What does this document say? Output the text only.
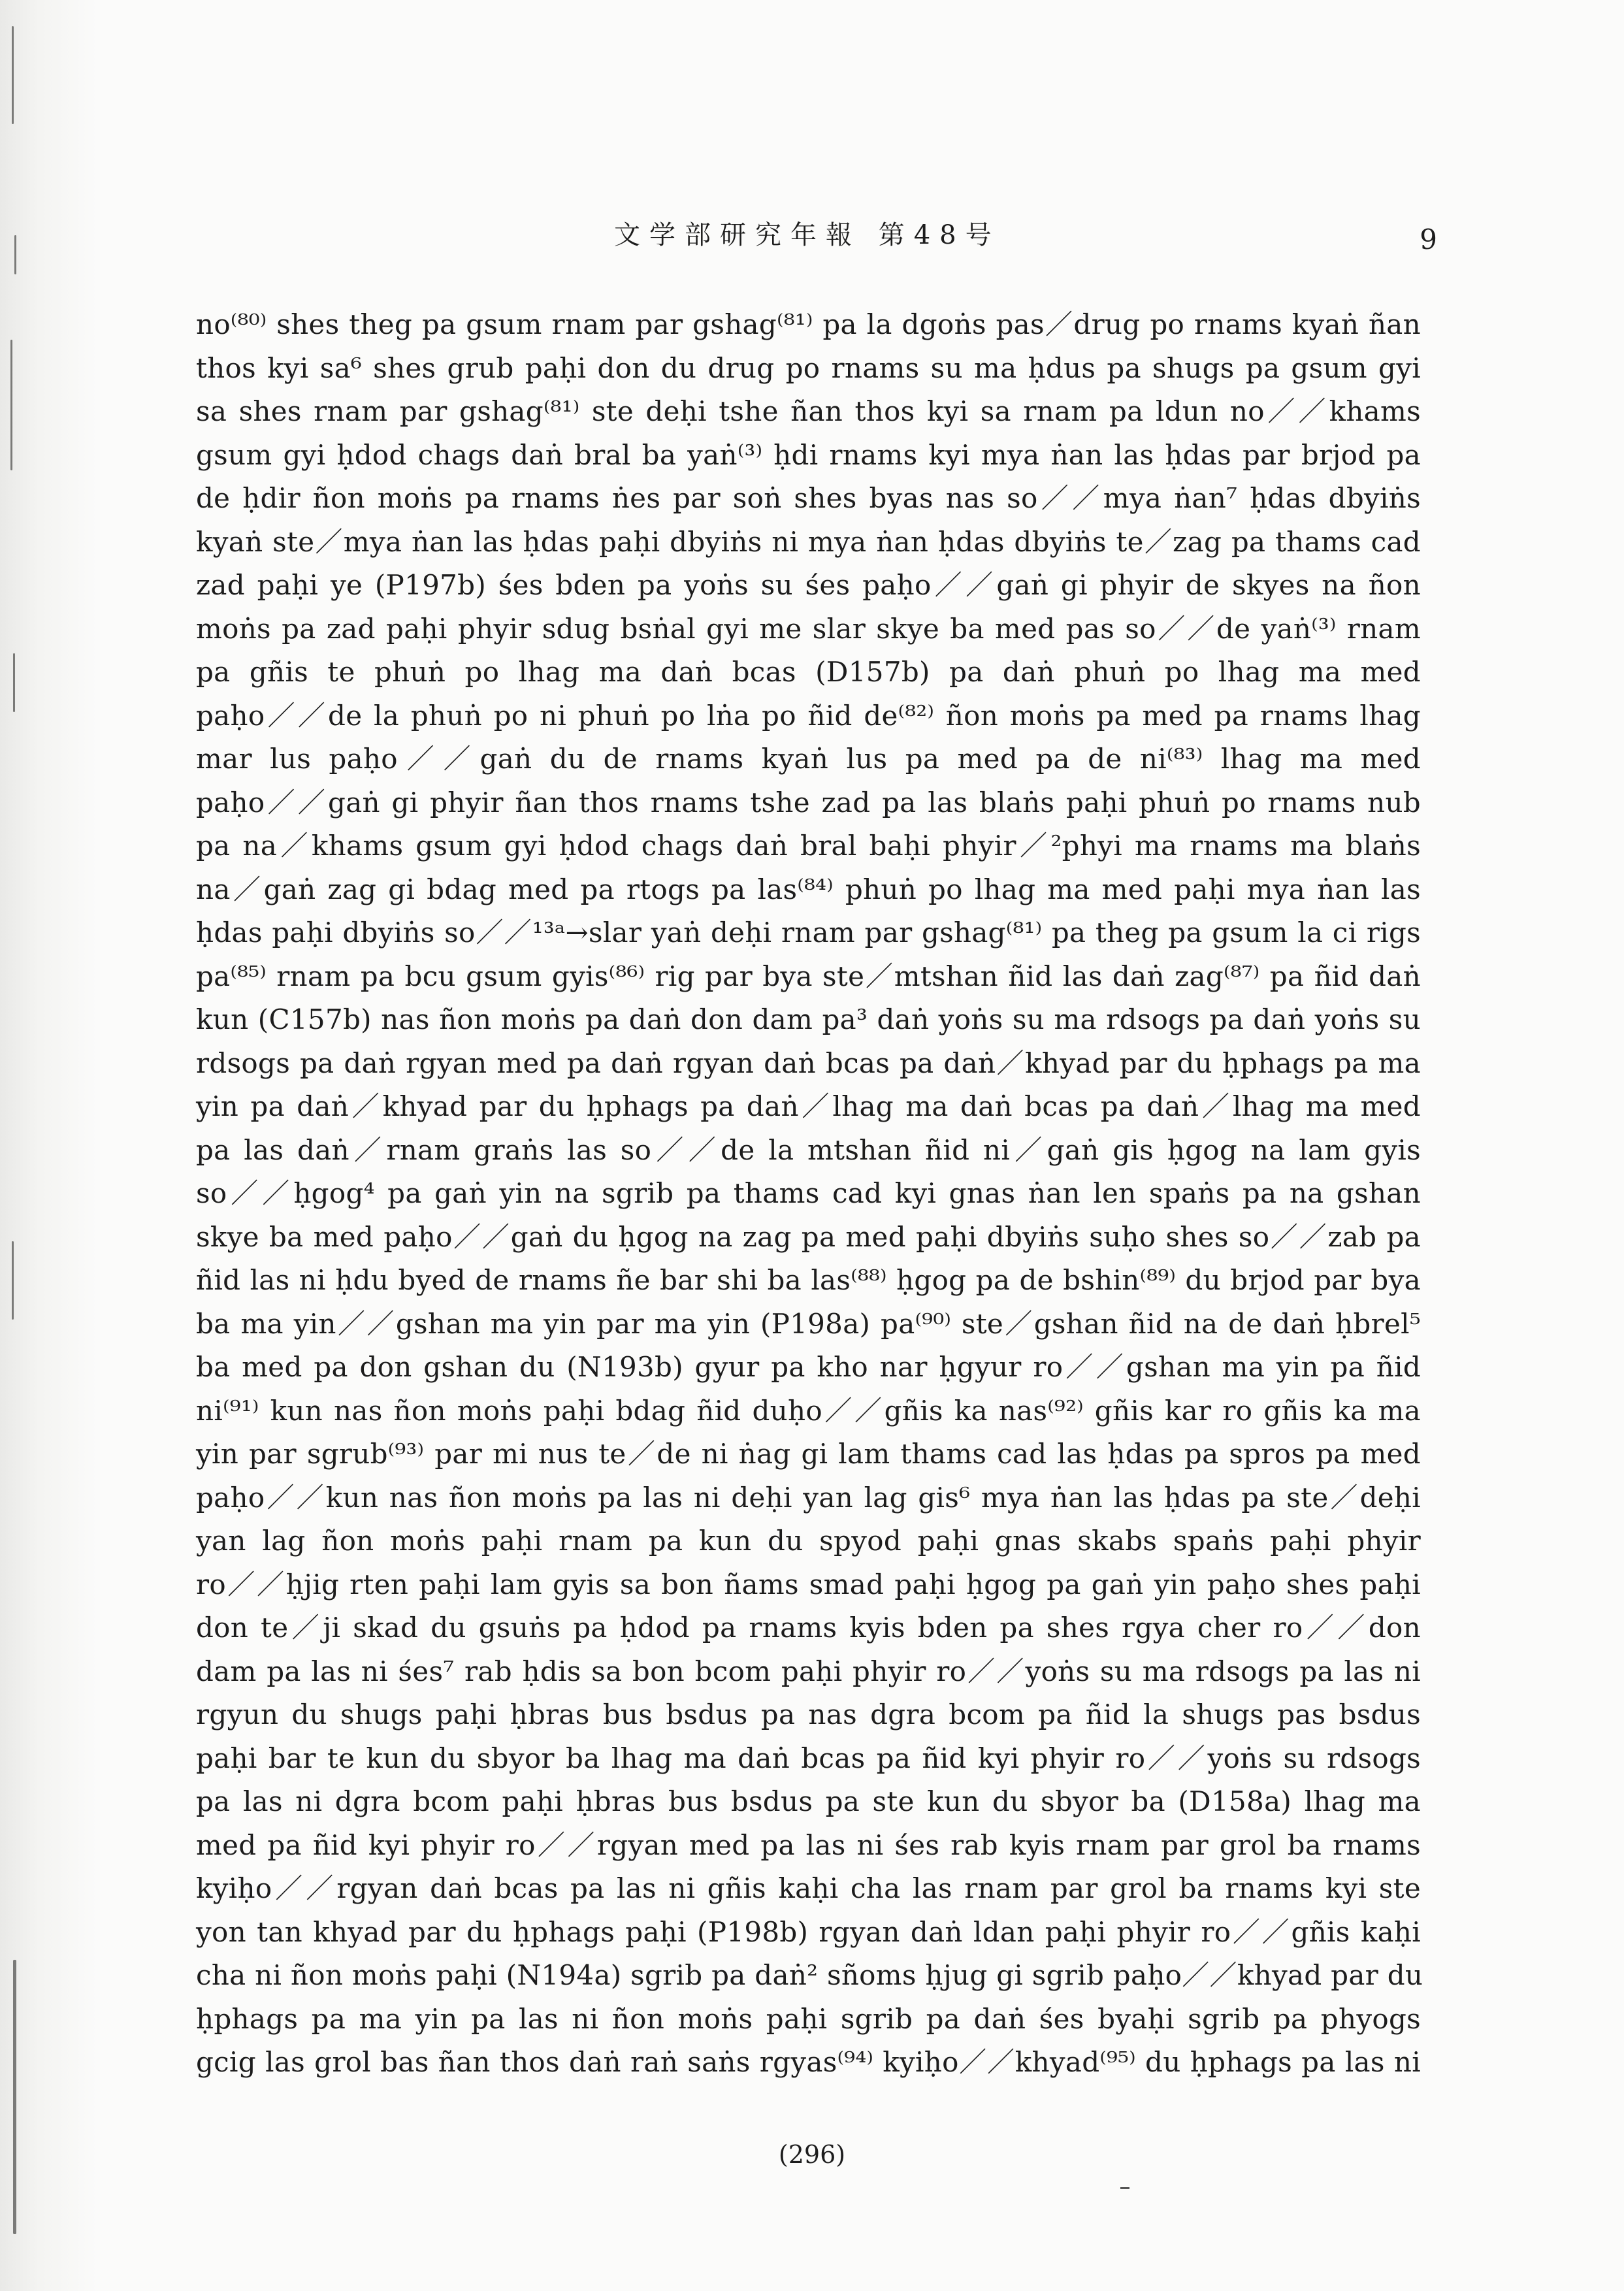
文学部研究年報 第48号	9
no⁽⁸⁰⁾ shes theg pa gsum rnam par gshag⁽⁸¹⁾ pa la dgoṅs pas／drug po rnams kyaṅ ñan
thos kyi sa⁶ shes grub paḥi don du drug po rnams su ma ḥdus pa shugs pa gsum gyi
sa shes rnam par gshag⁽⁸¹⁾ ste deḥi tshe ñan thos kyi sa rnam pa ldun no／／khams
gsum gyi ḥdod chags daṅ bral ba yaṅ⁽³⁾ ḥdi rnams kyi mya ṅan las ḥdas par brjod pa
de ḥdir ñon moṅs pa rnams ṅes par soṅ shes byas nas so／／mya ṅan⁷ ḥdas dbyiṅs
kyaṅ ste／mya ṅan las ḥdas paḥi dbyiṅs ni mya ṅan ḥdas dbyiṅs te／zag pa thams cad
zad paḥi ye (P197b) śes bden pa yoṅs su śes paḥo／／gaṅ gi phyir de skyes na ñon
moṅs pa zad paḥi phyir sdug bsṅal gyi me slar skye ba med pas so／／de yaṅ⁽³⁾ rnam
pa gñis te phuṅ po lhag ma daṅ bcas (D157b) pa daṅ phuṅ po lhag ma med
paḥo／／de la phuṅ po ni phuṅ po lṅa po ñid de⁽⁸²⁾ ñon moṅs pa med pa rnams lhag
mar lus paḥo／／gaṅ du de rnams kyaṅ lus pa med pa de ni⁽⁸³⁾ lhag ma med
paḥo／／gaṅ gi phyir ñan thos rnams tshe zad pa las blaṅs paḥi phuṅ po rnams nub
pa na／khams gsum gyi ḥdod chags daṅ bral baḥi phyir／²phyi ma rnams ma blaṅs
na／gaṅ zag gi bdag med pa rtogs pa las⁽⁸⁴⁾ phuṅ po lhag ma med paḥi mya ṅan las
ḥdas paḥi dbyiṅs so／／¹³ᵃ→slar yaṅ deḥi rnam par gshag⁽⁸¹⁾ pa theg pa gsum la ci rigs
pa⁽⁸⁵⁾ rnam pa bcu gsum gyis⁽⁸⁶⁾ rig par bya ste／mtshan ñid las daṅ zag⁽⁸⁷⁾ pa ñid daṅ
kun (C157b) nas ñon moṅs pa daṅ don dam pa³ daṅ yoṅs su ma rdsogs pa daṅ yoṅs su
rdsogs pa daṅ rgyan med pa daṅ rgyan daṅ bcas pa daṅ／khyad par du ḥphags pa ma
yin pa daṅ／khyad par du ḥphags pa daṅ／lhag ma daṅ bcas pa daṅ／lhag ma med
pa las daṅ／rnam graṅs las so／／de la mtshan ñid ni／gaṅ gis ḥgog na lam gyis
so／／ḥgog⁴ pa gaṅ yin na sgrib pa thams cad kyi gnas ṅan len spaṅs pa na gshan
skye ba med paḥo／／gaṅ du ḥgog na zag pa med paḥi dbyiṅs suḥo shes so／／zab pa
ñid las ni ḥdu byed de rnams ñe bar shi ba las⁽⁸⁸⁾ ḥgog pa de bshin⁽⁸⁹⁾ du brjod par bya
ba ma yin／／gshan ma yin par ma yin (P198a) pa⁽⁹⁰⁾ ste／gshan ñid na de daṅ ḥbrel⁵
ba med pa don gshan du (N193b) gyur pa kho nar ḥgyur ro／／gshan ma yin pa ñid
ni⁽⁹¹⁾ kun nas ñon moṅs paḥi bdag ñid duḥo／／gñis ka nas⁽⁹²⁾ gñis kar ro gñis ka ma
yin par sgrub⁽⁹³⁾ par mi nus te／de ni ṅag gi lam thams cad las ḥdas pa spros pa med
paḥo／／kun nas ñon moṅs pa las ni deḥi yan lag gis⁶ mya ṅan las ḥdas pa ste／deḥi
yan lag ñon moṅs paḥi rnam pa kun du spyod paḥi gnas skabs spaṅs paḥi phyir
ro／／ḥjig rten paḥi lam gyis sa bon ñams smad paḥi ḥgog pa gaṅ yin paḥo shes paḥi
don te／ji skad du gsuṅs pa ḥdod pa rnams kyis bden pa shes rgya cher ro／／don
dam pa las ni śes⁷ rab ḥdis sa bon bcom paḥi phyir ro／／yoṅs su ma rdsogs pa las ni
rgyun du shugs paḥi ḥbras bus bsdus pa nas dgra bcom pa ñid la shugs pas bsdus
paḥi bar te kun du sbyor ba lhag ma daṅ bcas pa ñid kyi phyir ro／／yoṅs su rdsogs
pa las ni dgra bcom paḥi ḥbras bus bsdus pa ste kun du sbyor ba (D158a) lhag ma
med pa ñid kyi phyir ro／／rgyan med pa las ni śes rab kyis rnam par grol ba rnams
kyiḥo／／rgyan daṅ bcas pa las ni gñis kaḥi cha las rnam par grol ba rnams kyi ste
yon tan khyad par du ḥphags paḥi (P198b) rgyan daṅ ldan paḥi phyir ro／／gñis kaḥi
cha ni ñon moṅs paḥi (N194a) sgrib pa daṅ² sñoms ḥjug gi sgrib paḥo／／khyad par du
ḥphags pa ma yin pa las ni ñon moṅs paḥi sgrib pa daṅ śes byaḥi sgrib pa phyogs
gcig las grol bas ñan thos daṅ raṅ saṅs rgyas⁽⁹⁴⁾ kyiḥo／／khyad⁽⁹⁵⁾ du ḥphags pa las ni
(296)
